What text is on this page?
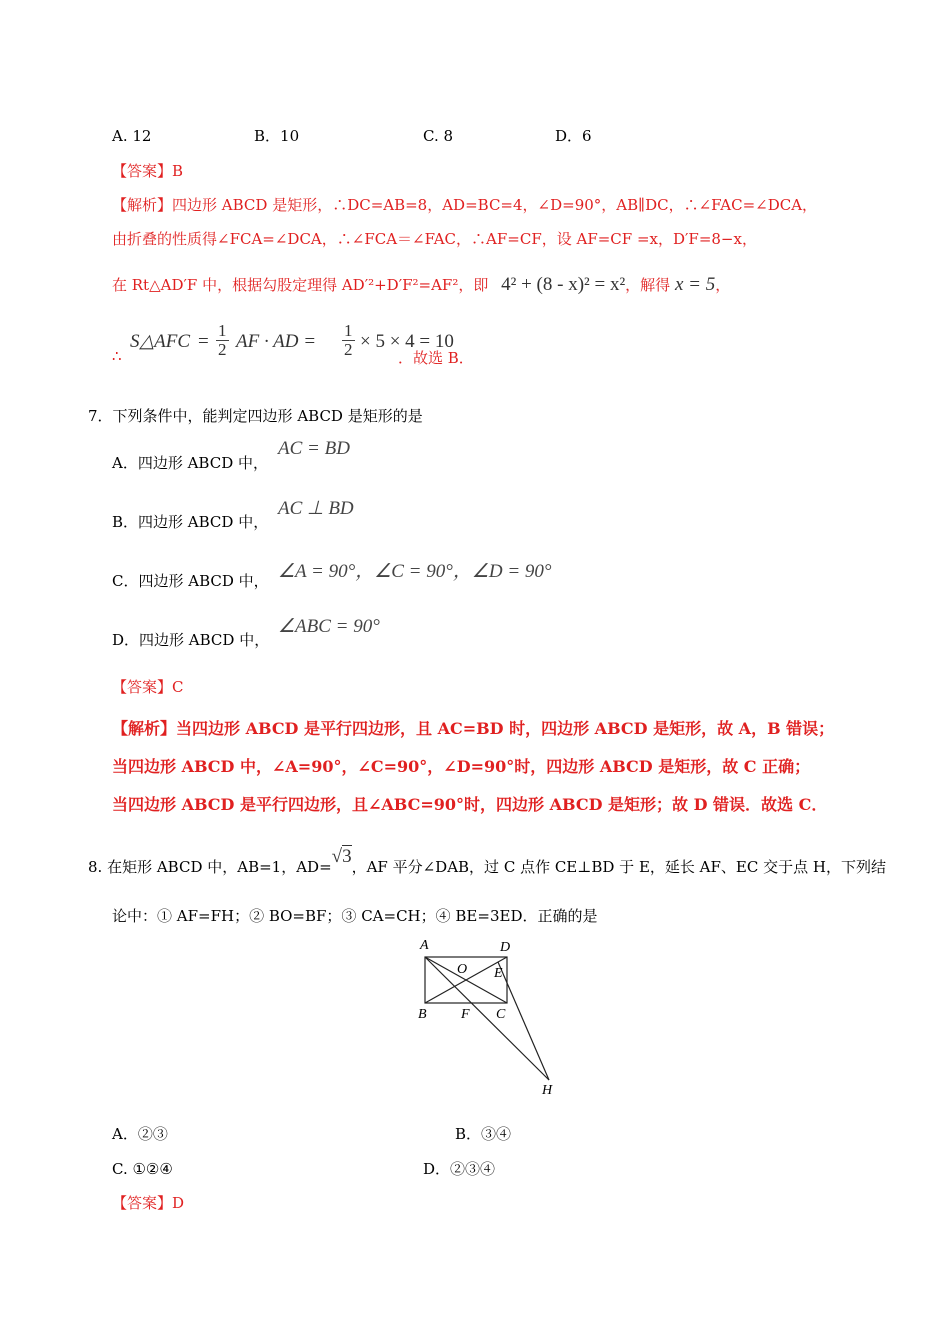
A. 12	B．10	C. 8	D．6
【答案】B
【解析】四边形 ABCD 是矩形，∴DC=AB=8，AD=BC=4，∠D=90°，AB∥DC，∴∠FAC=∠DCA，
由折叠的性质得∠FCA=∠DCA，∴∠FCA＝∠FAC，∴AF=CF，设 AF=CF =x，D′F=8−x，
在 Rt△AD′F 中，根据勾股定理得 AD′²+D′F²=AF²，即 4² + (8 - x)² = x²，解得 x = 5，
∴
S△AFC = $\frac{1}{2}$ AF · AD = $\frac{1}{2} \times 5 \times 4 = 10$
．故选 B．
7．下列条件中，能判定四边形 ABCD 是矩形的是
A．四边形 ABCD 中，
AC = BD
B．四边形 ABCD 中，
AC ⊥ BD
C．四边形 ABCD 中， ∠A = 90°，∠C = 90°，∠D = 90°
D．四边形 ABCD 中，
∠ABC = 90°
【答案】C
【解析】当四边形 ABCD 是平行四边形，且 AC=BD 时，四边形 ABCD 是矩形，故 A，B 错误；
当四边形 ABCD 中，∠A=90°，∠C=90°，∠D=90°时，四边形 ABCD 是矩形，故 C 正确；
当四边形 ABCD 是平行四边形，且∠ABC=90°时，四边形 ABCD 是矩形；故 D 错误．故选 C．
8. 在矩形 ABCD 中，AB=1，AD=√3，AF 平分∠DAB，过 C 点作 CE⊥BD 于 E，延长 AF、EC 交于点 H，下列结
论中：① AF=FH；② BO=BF；③ CA=CH；④ BE=3ED．正确的是
A	D
O E
B F C
H
A．②③	B．③④
C. ①②④	D．②③④
【答案】D
